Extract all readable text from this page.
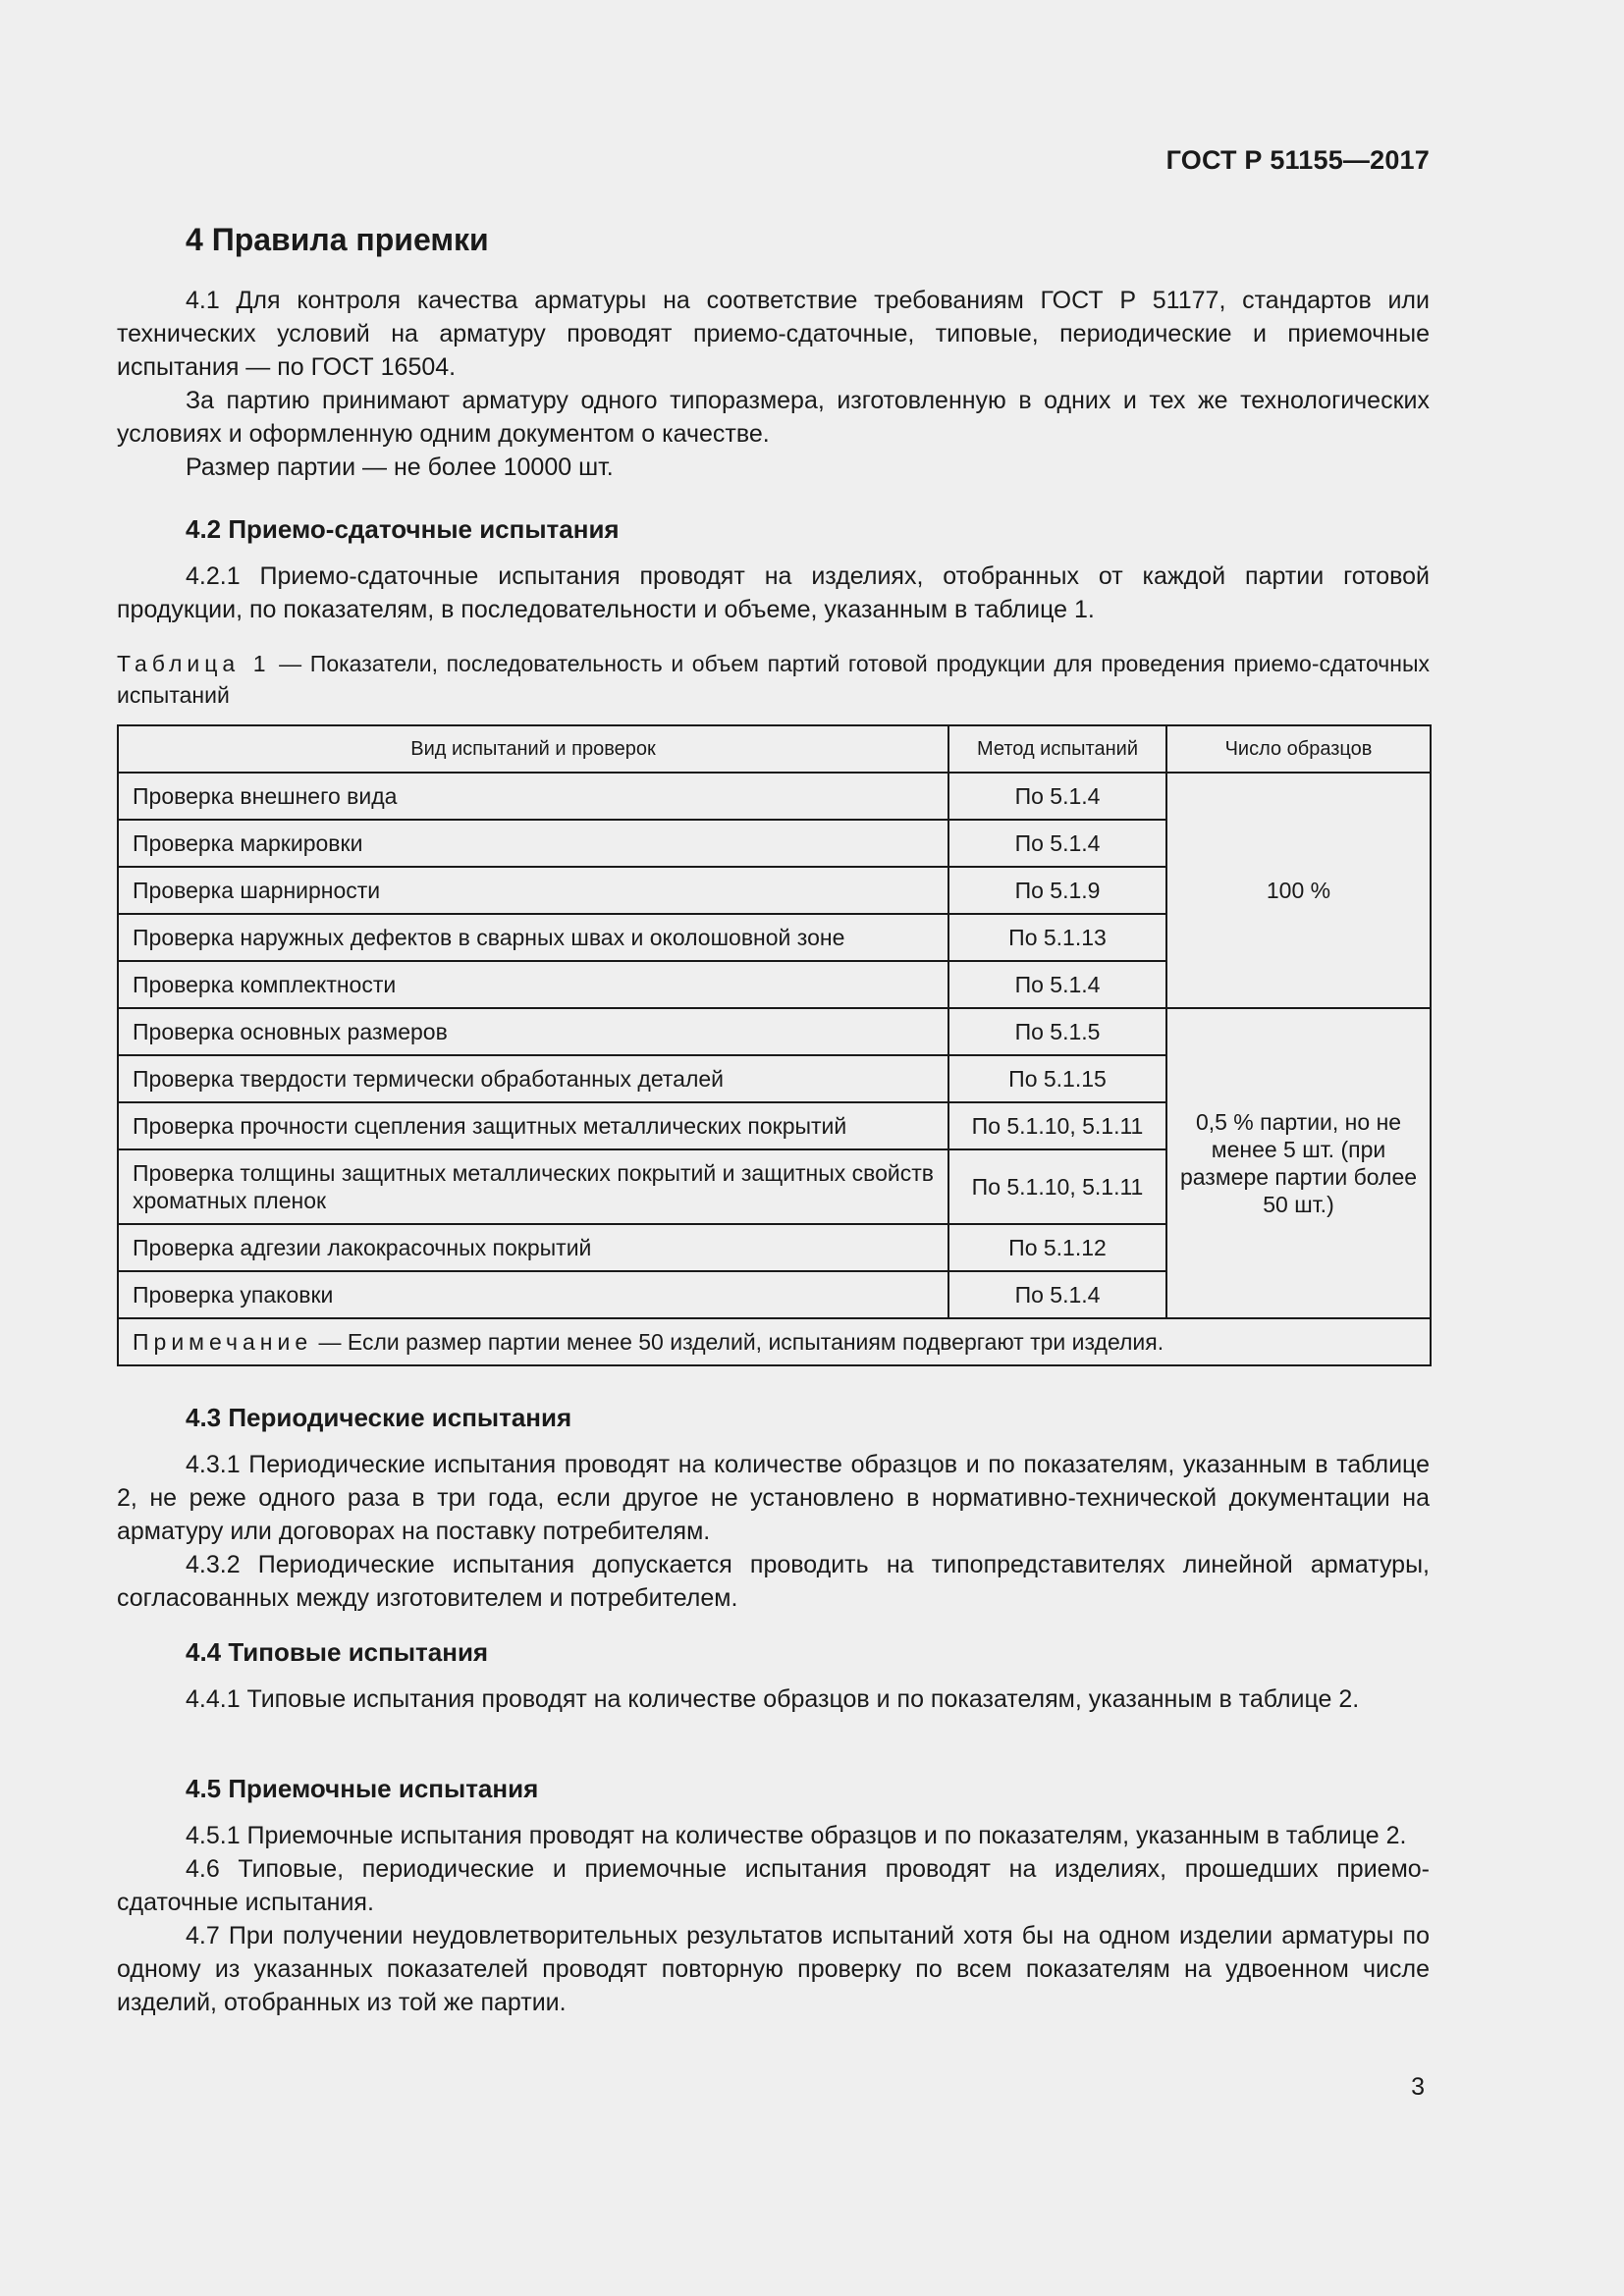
ГОСТ Р 51155—2017
4 Правила приемки

4.1 Для контроля качества арматуры на соответствие требованиям ГОСТ Р 51177, стандартов или технических условий на арматуру проводят приемо-сдаточные, типовые, периодические и приемочные испытания — по ГОСТ 16504.

За партию принимают арматуру одного типоразмера, изготовленную в одних и тех же технологических условиях и оформленную одним документом о качестве.

Размер партии — не более 10000 шт.

4.2 Приемо-сдаточные испытания

4.2.1 Приемо-сдаточные испытания проводят на изделиях, отобранных от каждой партии готовой продукции, по показателям, в последовательности и объеме, указанным в таблице 1.

Таблица 1 — Показатели, последовательность и объем партий готовой продукции для проведения приемо-сдаточных испытаний
Вид испытаний и проверок	Метод испытаний	Число образцов
Проверка внешнего вида	По 5.1.4	100 %
Проверка маркировки	По 5.1.4	
Проверка шарнирности	По 5.1.9	
Проверка наружных дефектов в сварных швах и околошовной зоне	По 5.1.13	
Проверка комплектности	По 5.1.4	
Проверка основных размеров	По 5.1.5	0,5 % партии, но не менее 5 шт. (при размере партии более 50 шт.)
Проверка твердости термически обработанных деталей	По 5.1.15	
Проверка прочности сцепления защитных металлических покрытий	По 5.1.10, 5.1.11	
Проверка толщины защитных металлических покрытий и защитных свойств хроматных пленок	По 5.1.10, 5.1.11	
Проверка адгезии лакокрасочных покрытий	По 5.1.12	
Проверка упаковки	По 5.1.4	
Примечание — Если размер партии менее 50 изделий, испытаниям подвергают три изделия.		

4.3 Периодические испытания

4.3.1 Периодические испытания проводят на количестве образцов и по показателям, указанным в таблице 2, не реже одного раза в три года, если другое не установлено в нормативно-технической документации на арматуру или договорах на поставку потребителям.

4.3.2 Периодические испытания допускается проводить на типопредставителях линейной арматуры, согласованных между изготовителем и потребителем.

4.4 Типовые испытания

4.4.1 Типовые испытания проводят на количестве образцов и по показателям, указанным в таблице 2.

4.5 Приемочные испытания

4.5.1 Приемочные испытания проводят на количестве образцов и по показателям, указанным в таблице 2.

4.6 Типовые, периодические и приемочные испытания проводят на изделиях, прошедших приемо-сдаточные испытания.

4.7 При получении неудовлетворительных результатов испытаний хотя бы на одном изделии арматуры по одному из указанных показателей проводят повторную проверку по всем показателям на удвоенном числе изделий, отобранных из той же партии.

3
